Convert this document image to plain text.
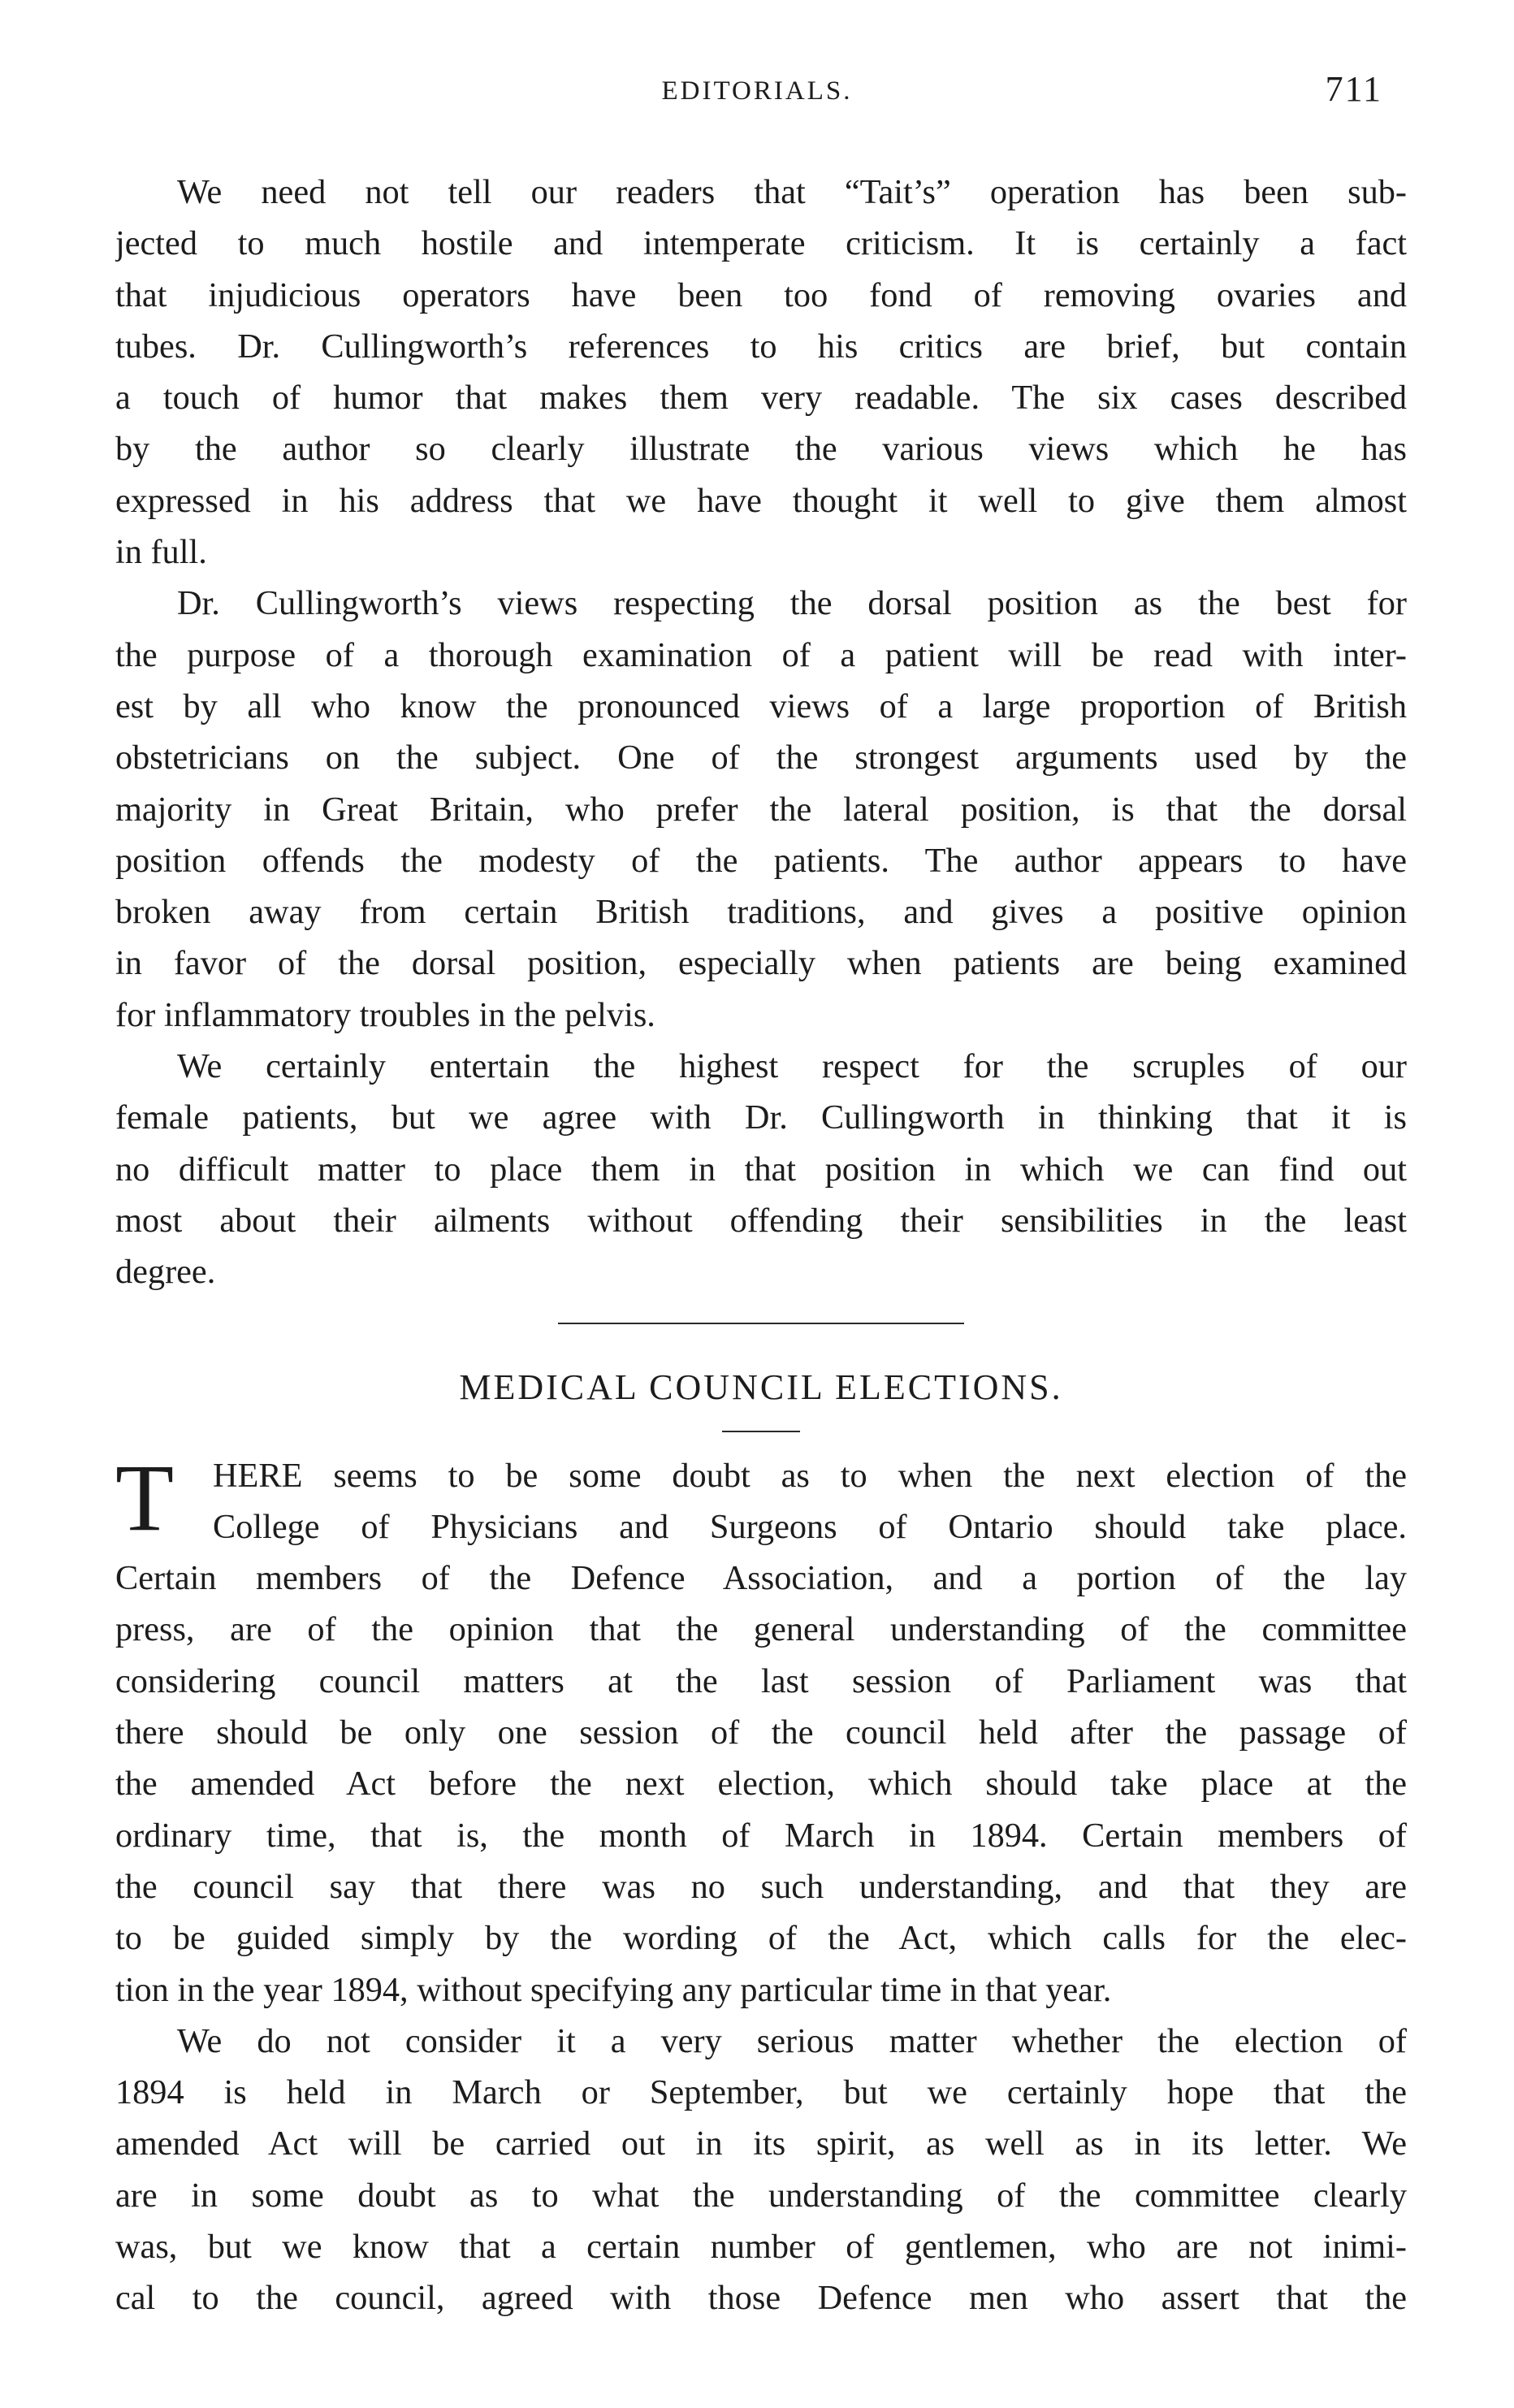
EDITORIALS.	711
We need not tell our readers that “Tait’s” operation has been sub-
jected to much hostile and intemperate criticism. It is certainly a fact
that injudicious operators have been too fond of removing ovaries and
tubes. Dr. Cullingworth’s references to his critics are brief, but contain
a touch of humor that makes them very readable. The six cases described
by the author so clearly illustrate the various views which he has
expressed in his address that we have thought it well to give them almost
in full.
Dr. Cullingworth’s views respecting the dorsal position as the best for
the purpose of a thorough examination of a patient will be read with inter-
est by all who know the pronounced views of a large proportion of British
obstetricians on the subject. One of the strongest arguments used by the
majority in Great Britain, who prefer the lateral position, is that the dorsal
position offends the modesty of the patients. The author appears to have
broken away from certain British traditions, and gives a positive opinion
in favor of the dorsal position, especially when patients are being examined
for inflammatory troubles in the pelvis.
We certainly entertain the highest respect for the scruples of our
female patients, but we agree with Dr. Cullingworth in thinking that it is
no difficult matter to place them in that position in which we can find out
most about their ailments without offending their sensibilities in the least
degree.
MEDICAL COUNCIL ELECTIONS.
T	HERE seems to be some doubt as to when the next election of the
College of Physicians and Surgeons of Ontario should take place.
Certain members of the Defence Association, and a portion of the lay
press, are of the opinion that the general understanding of the committee
considering council matters at the last session of Parliament was that
there should be only one session of the council held after the passage of
the amended Act before the next election, which should take place at the
ordinary time, that is, the month of March in 1894. Certain members of
the council say that there was no such understanding, and that they are
to be guided simply by the wording of the Act, which calls for the elec-
tion in the year 1894, without specifying any particular time in that year.
We do not consider it a very serious matter whether the election of
1894 is held in March or September, but we certainly hope that the
amended Act will be carried out in its spirit, as well as in its letter. We
are in some doubt as to what the understanding of the committee clearly
was, but we know that a certain number of gentlemen, who are not inimi-
cal to the council, agreed with those Defence men who assert that the
